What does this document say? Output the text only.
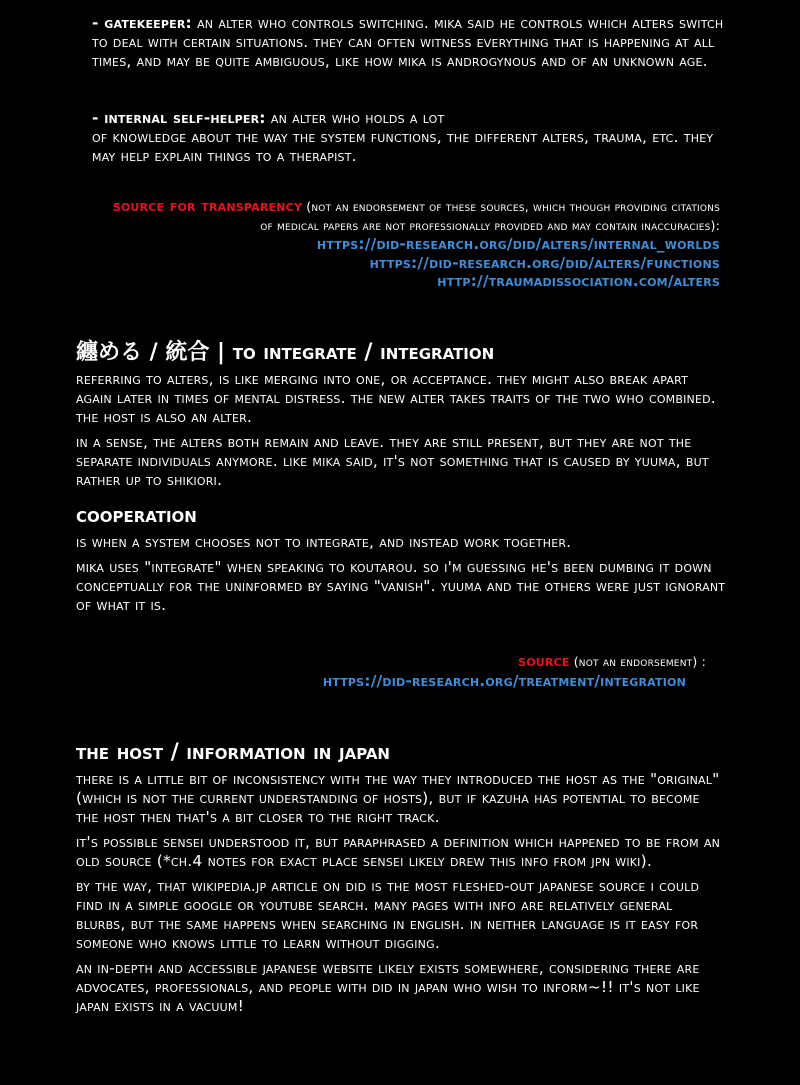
- gatekeeper: an alter who controls switching. mika said he controls which alters switch to deal with certain situations. they can often witness everything that is happening at all times, and may be quite ambiguous, like how mika is androgynous and of an unknown age.

- internal self-helper: an alter who holds a lot
of knowledge about the way the system functions, the different alters, trauma, etc. they may help explain things to a therapist.

source for transparency (not an endorsement of these sources, which though providing citations of medical papers are not professionally provided and may contain inaccuracies):
https://did-research.org/did/alters/internal_worlds
https://did-research.org/did/alters/functions
http://traumadissociation.com/alters
纏める / 統合 | to integrate / integration

referring to alters, is like merging into one, or acceptance. they might also break apart again later in times of mental distress. the new alter takes traits of the two who combined. the host is also an alter.

in a sense, the alters both remain and leave. they are still present, but they are not the separate individuals anymore. like mika said, it's not something that is caused by yuuma, but rather up to shikiori.

cooperation

is when a system chooses not to integrate, and instead work together.

mika uses "integrate" when speaking to koutarou. so i'm guessing he's been dumbing it down conceptually for the uninformed by saying "vanish". yuuma and the others were just ignorant of what it is.

source (not an endorsement) :
https://did-research.org/treatment/integration
the host / information in japan

there is a little bit of inconsistency with the way they introduced the host as the "original" (which is not the current understanding of hosts), but if kazuha has potential to become the host then that's a bit closer to the right track.

it's possible sensei understood it, but paraphrased a definition which happened to be from an old source (*ch.4 notes for exact place sensei likely drew this info from jpn wiki).

by the way, that wikipedia.jp article on did is the most fleshed-out japanese source i could find in a simple google or youtube search. many pages with info are relatively general blurbs, but the same happens when searching in english. in neither language is it easy for someone who knows little to learn without digging.

an in-depth and accessible japanese website likely exists somewhere, considering there are advocates, professionals, and people with did in japan who wish to inform~!! it's not like japan exists in a vacuum!
